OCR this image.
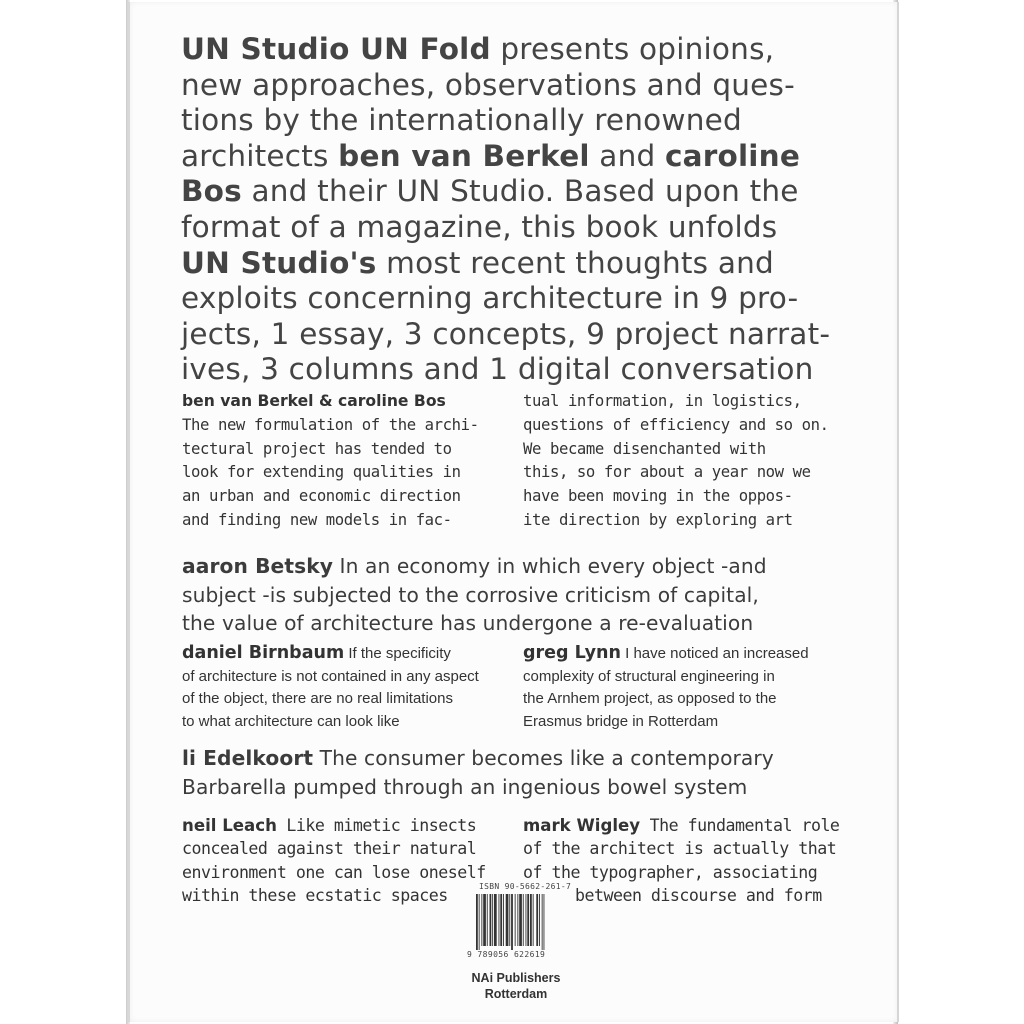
UN Studio UN Fold presents opinions,
new approaches, observations and ques-
tions by the internationally renowned
architects ben van Berkel and caroline
Bos and their UN Studio. Based upon the
format of a magazine, this book unfolds
UN Studio's most recent thoughts and
exploits concerning architecture in 9 pro-
jects, 1 essay, 3 concepts, 9 project narrat-
ives, 3 columns and 1 digital conversation
ben van Berkel & caroline Bos
The new formulation of the archi-
tectural project has tended to
look for extending qualities in
an urban and economic direction
and finding new models in fac-
tual information, in logistics,
questions of efficiency and so on.
We became disenchanted with
this, so for about a year now we
have been moving in the oppos-
ite direction by exploring art
aaron Betsky In an economy in which every object -and
subject -is subjected to the corrosive criticism of capital,
the value of architecture has undergone a re-evaluation
daniel Birnbaum If the specificity
of architecture is not contained in any aspect
of the object, there are no real limitations
to what architecture can look like
greg Lynn I have noticed an increased
complexity of structural engineering in
the Arnhem project, as opposed to the
Erasmus bridge in Rotterdam
li Edelkoort The consumer becomes like a contemporary
Barbarella pumped through an ingenious bowel system
neil Leach Like mimetic insects
concealed against their natural
environment one can lose oneself
within these ecstatic spaces
mark Wigley The fundamental role
of the architect is actually that
of the typographer, associating
between discourse and form
ISBN 90-5662-261-7
9 789056 622619
NAi Publishers
Rotterdam
